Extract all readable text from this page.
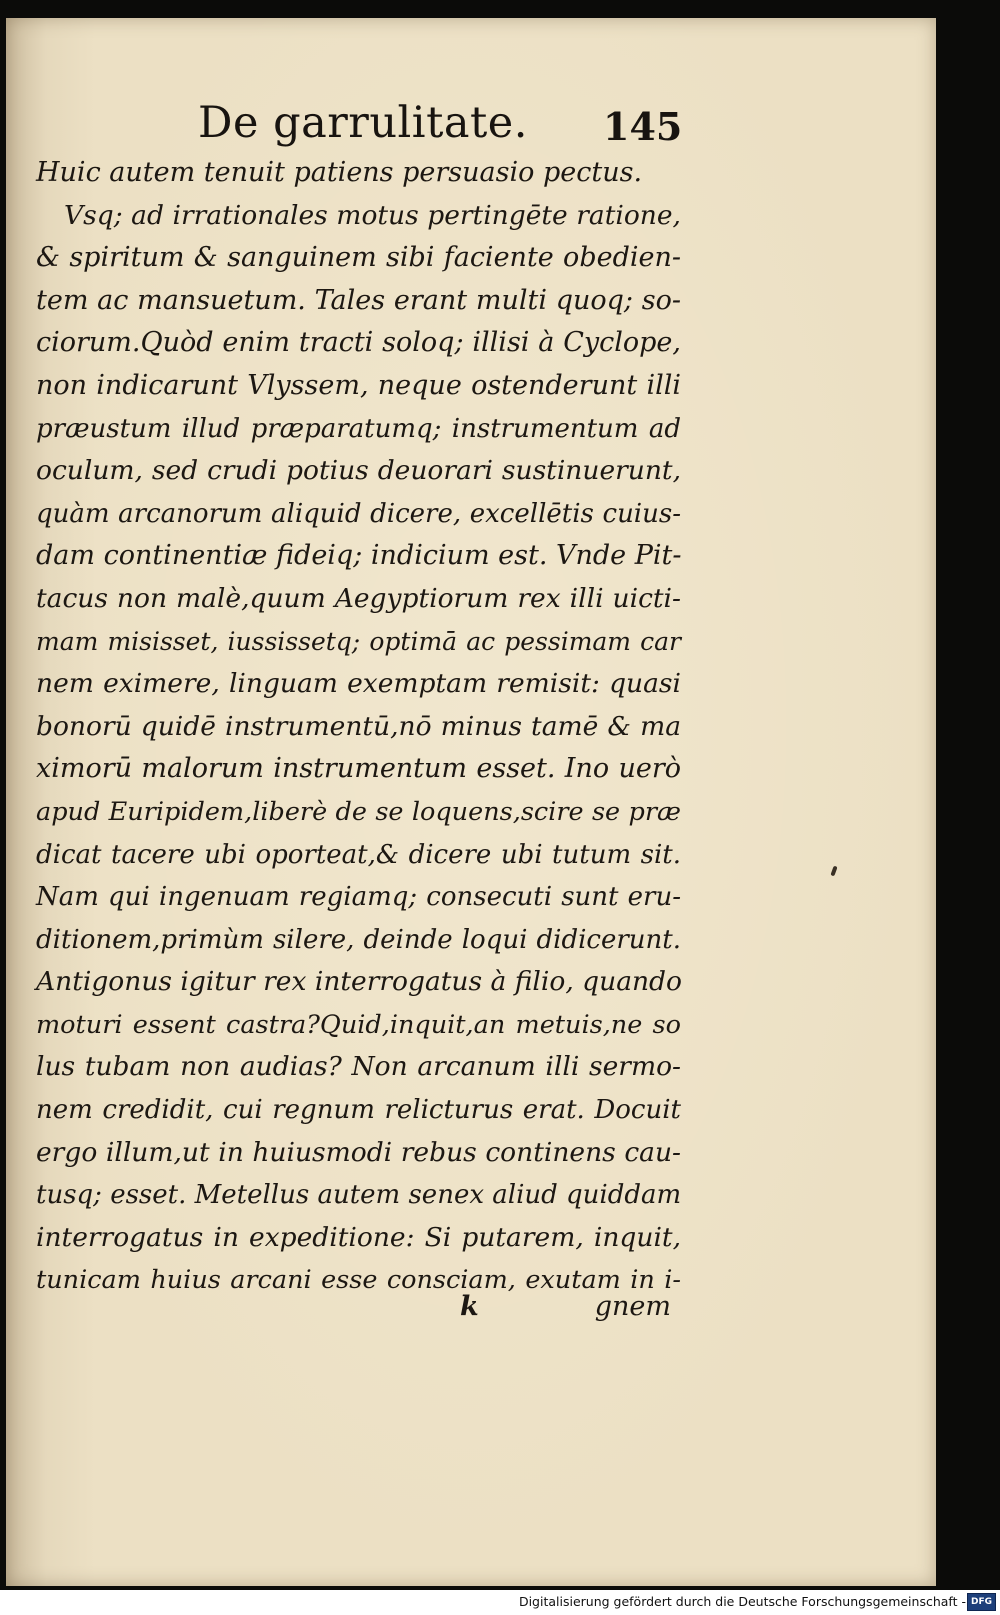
De garrulitate. 145
Huic autem tenuit patiens persuasio pectus.
Vsq; ad irrationales motus pertingēte ratione,
& spiritum & sanguinem sibi faciente obedien-
tem ac mansuetum. Tales erant multi quoq; so-
ciorum.Quòd enim tracti soloq; illisi à Cyclope,
non indicarunt Vlyssem, neque ostenderunt illi
præustum illud præparatumq; instrumentum ad
oculum, sed crudi potius deuorari sustinuerunt,
quàm arcanorum aliquid dicere, excellētis cuius-
dam continentiæ fideiq; indicium est. Vnde Pit-
tacus non malè,quum Aegyptiorum rex illi uicti-
mam misisset, iussissetq; optimā ac pessimam car
nem eximere, linguam exemptam remisit: quasi
bonorū quidē instrumentū,nō minus tamē & ma
ximorū malorum instrumentum esset. Ino uerò
apud Euripidem,liberè de se loquens,scire se præ
dicat tacere ubi oporteat,& dicere ubi tutum sit.
Nam qui ingenuam regiamq; consecuti sunt eru-
ditionem,primùm silere, deinde loqui didicerunt.
Antigonus igitur rex interrogatus à filio, quando
moturi essent castra?Quid,inquit,an metuis,ne so
lus tubam non audias? Non arcanum illi sermo-
nem credidit, cui regnum relicturus erat. Docuit
ergo illum,ut in huiusmodi rebus continens cau-
tusq; esset. Metellus autem senex aliud quiddam
interrogatus in expeditione: Si putarem, inquit,
tunicam huius arcani esse consciam, exutam in i-
k	gnem
Digitalisierung gefördert durch die Deutsche Forschungsgemeinschaft - DFG
